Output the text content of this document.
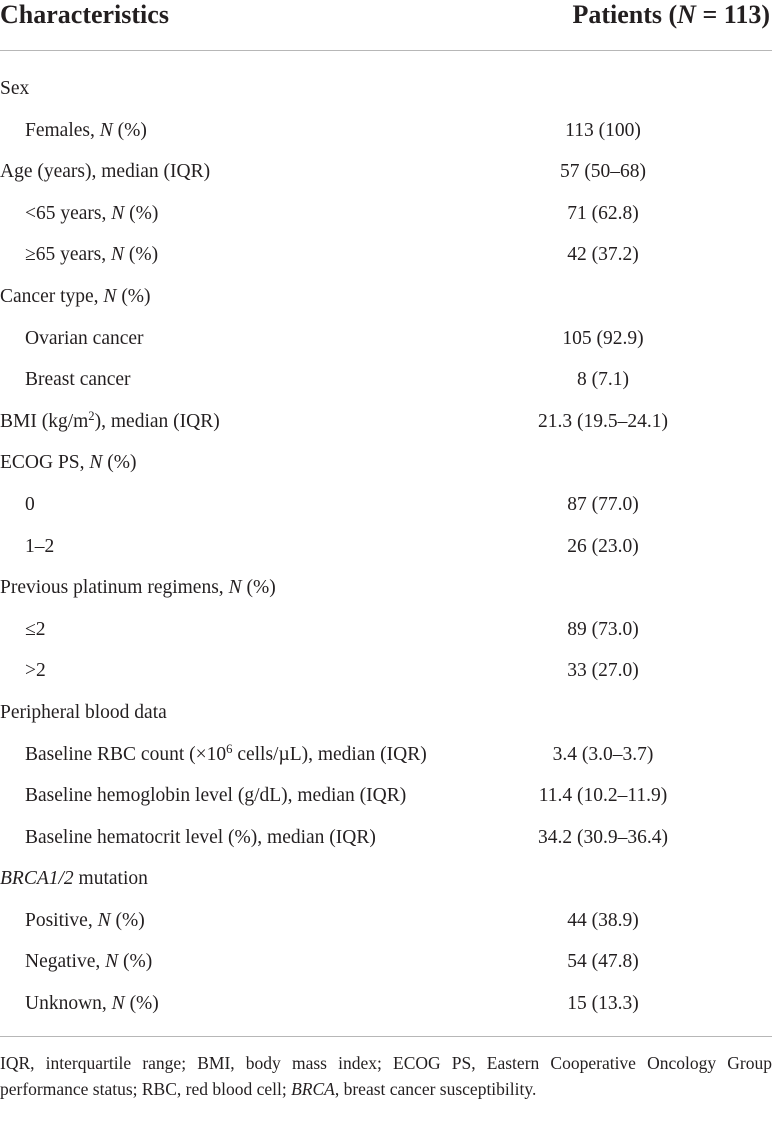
Characteristics	Patients (N = 113)
Sex
Females, N (%)	113 (100)
Age (years), median (IQR)	57 (50–68)
<65 years, N (%)	71 (62.8)
≥65 years, N (%)	42 (37.2)
Cancer type, N (%)
Ovarian cancer	105 (92.9)
Breast cancer	8 (7.1)
BMI $(kg/m^2)$, median (IQR)	21.3 (19.5–24.1)
ECOG PS, N (%)
0	87 (77.0)
1–2	26 (23.0)
Previous platinum regimens, N (%)
≤2	89 (73.0)
>2	33 (27.0)
Peripheral blood data
Baseline RBC count ($\times 10^6$ cells/µL), median (IQR)	3.4 (3.0–3.7)
Baseline hemoglobin level (g/dL), median (IQR)	11.4 (10.2–11.9)
Baseline hematocrit level (%), median (IQR)	34.2 (30.9–36.4)
BRCA1/2 mutation
Positive, N (%)	44 (38.9)
Negative, N (%)	54 (47.8)
Unknown, N (%)	15 (13.3)
IQR, interquartile range; BMI, body mass index; ECOG PS, Eastern Cooperative Oncology Group performance status; RBC, red blood cell; BRCA, breast cancer susceptibility.
